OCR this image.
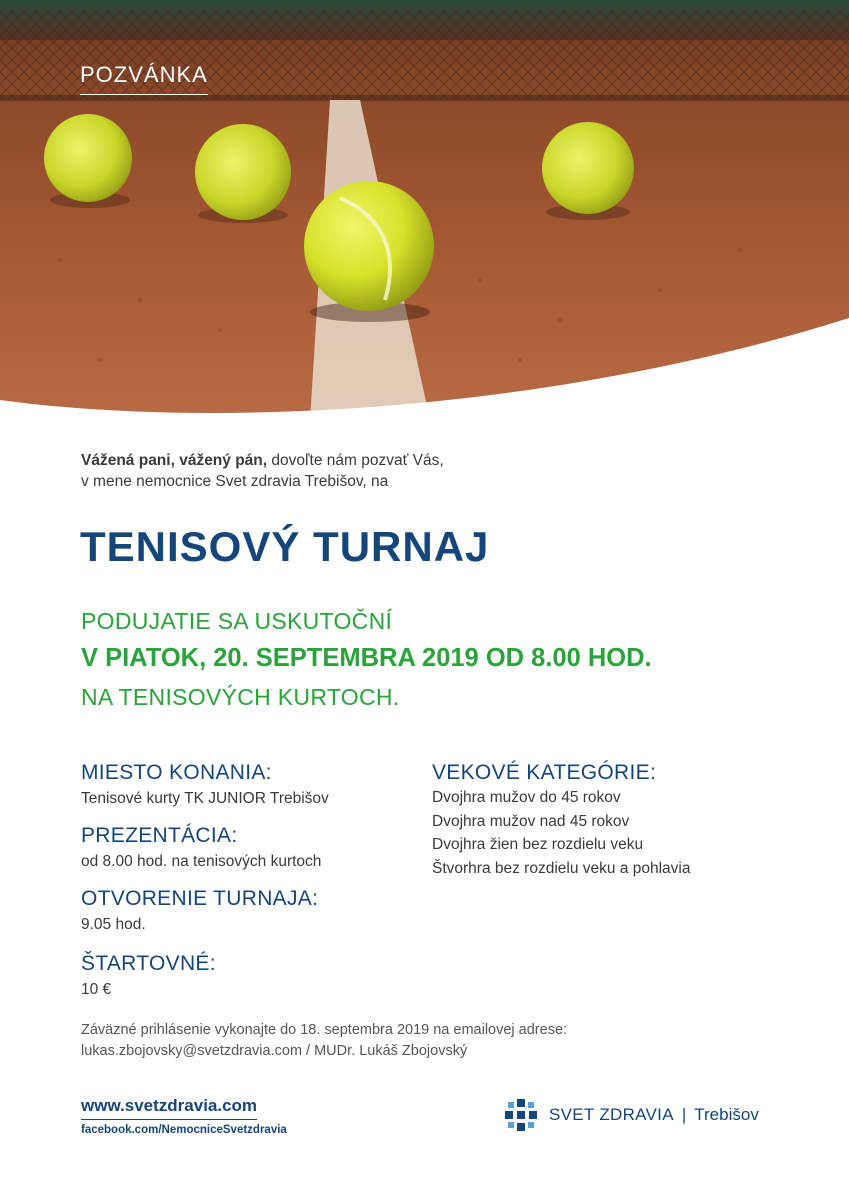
POZVÁNKA
Vážená pani, vážený pán, dovoľte nám pozvať Vás,
v mene nemocnice Svet zdravia Trebišov, na
TENISOVÝ TURNAJ
PODUJATIE SA USKUTOČNÍ
V PIATOK, 20. SEPTEMBRA 2019 OD 8.00 HOD.
NA TENISOVÝCH KURTOCH.
MIESTO KONANIA:
Tenisové kurty TK JUNIOR Trebišov
PREZENTÁCIA:
od 8.00 hod. na tenisových kurtoch
OTVORENIE TURNAJA:
9.05 hod.
ŠTARTOVNÉ:
10 €
VEKOVÉ KATEGÓRIE:
Dvojhra mužov do 45 rokov
Dvojhra mužov nad 45 rokov
Dvojhra žien bez rozdielu veku
Štvorhra bez rozdielu veku a pohlavia
Záväzné prihlásenie vykonajte do 18. septembra 2019 na emailovej adrese:
lukas.zbojovsky@svetzdravia.com / MUDr. Lukáš Zbojovský
www.svetzdravia.com
facebook.com/NemocniceSvetzdravia
SVET ZDRAVIA | Trebišov
